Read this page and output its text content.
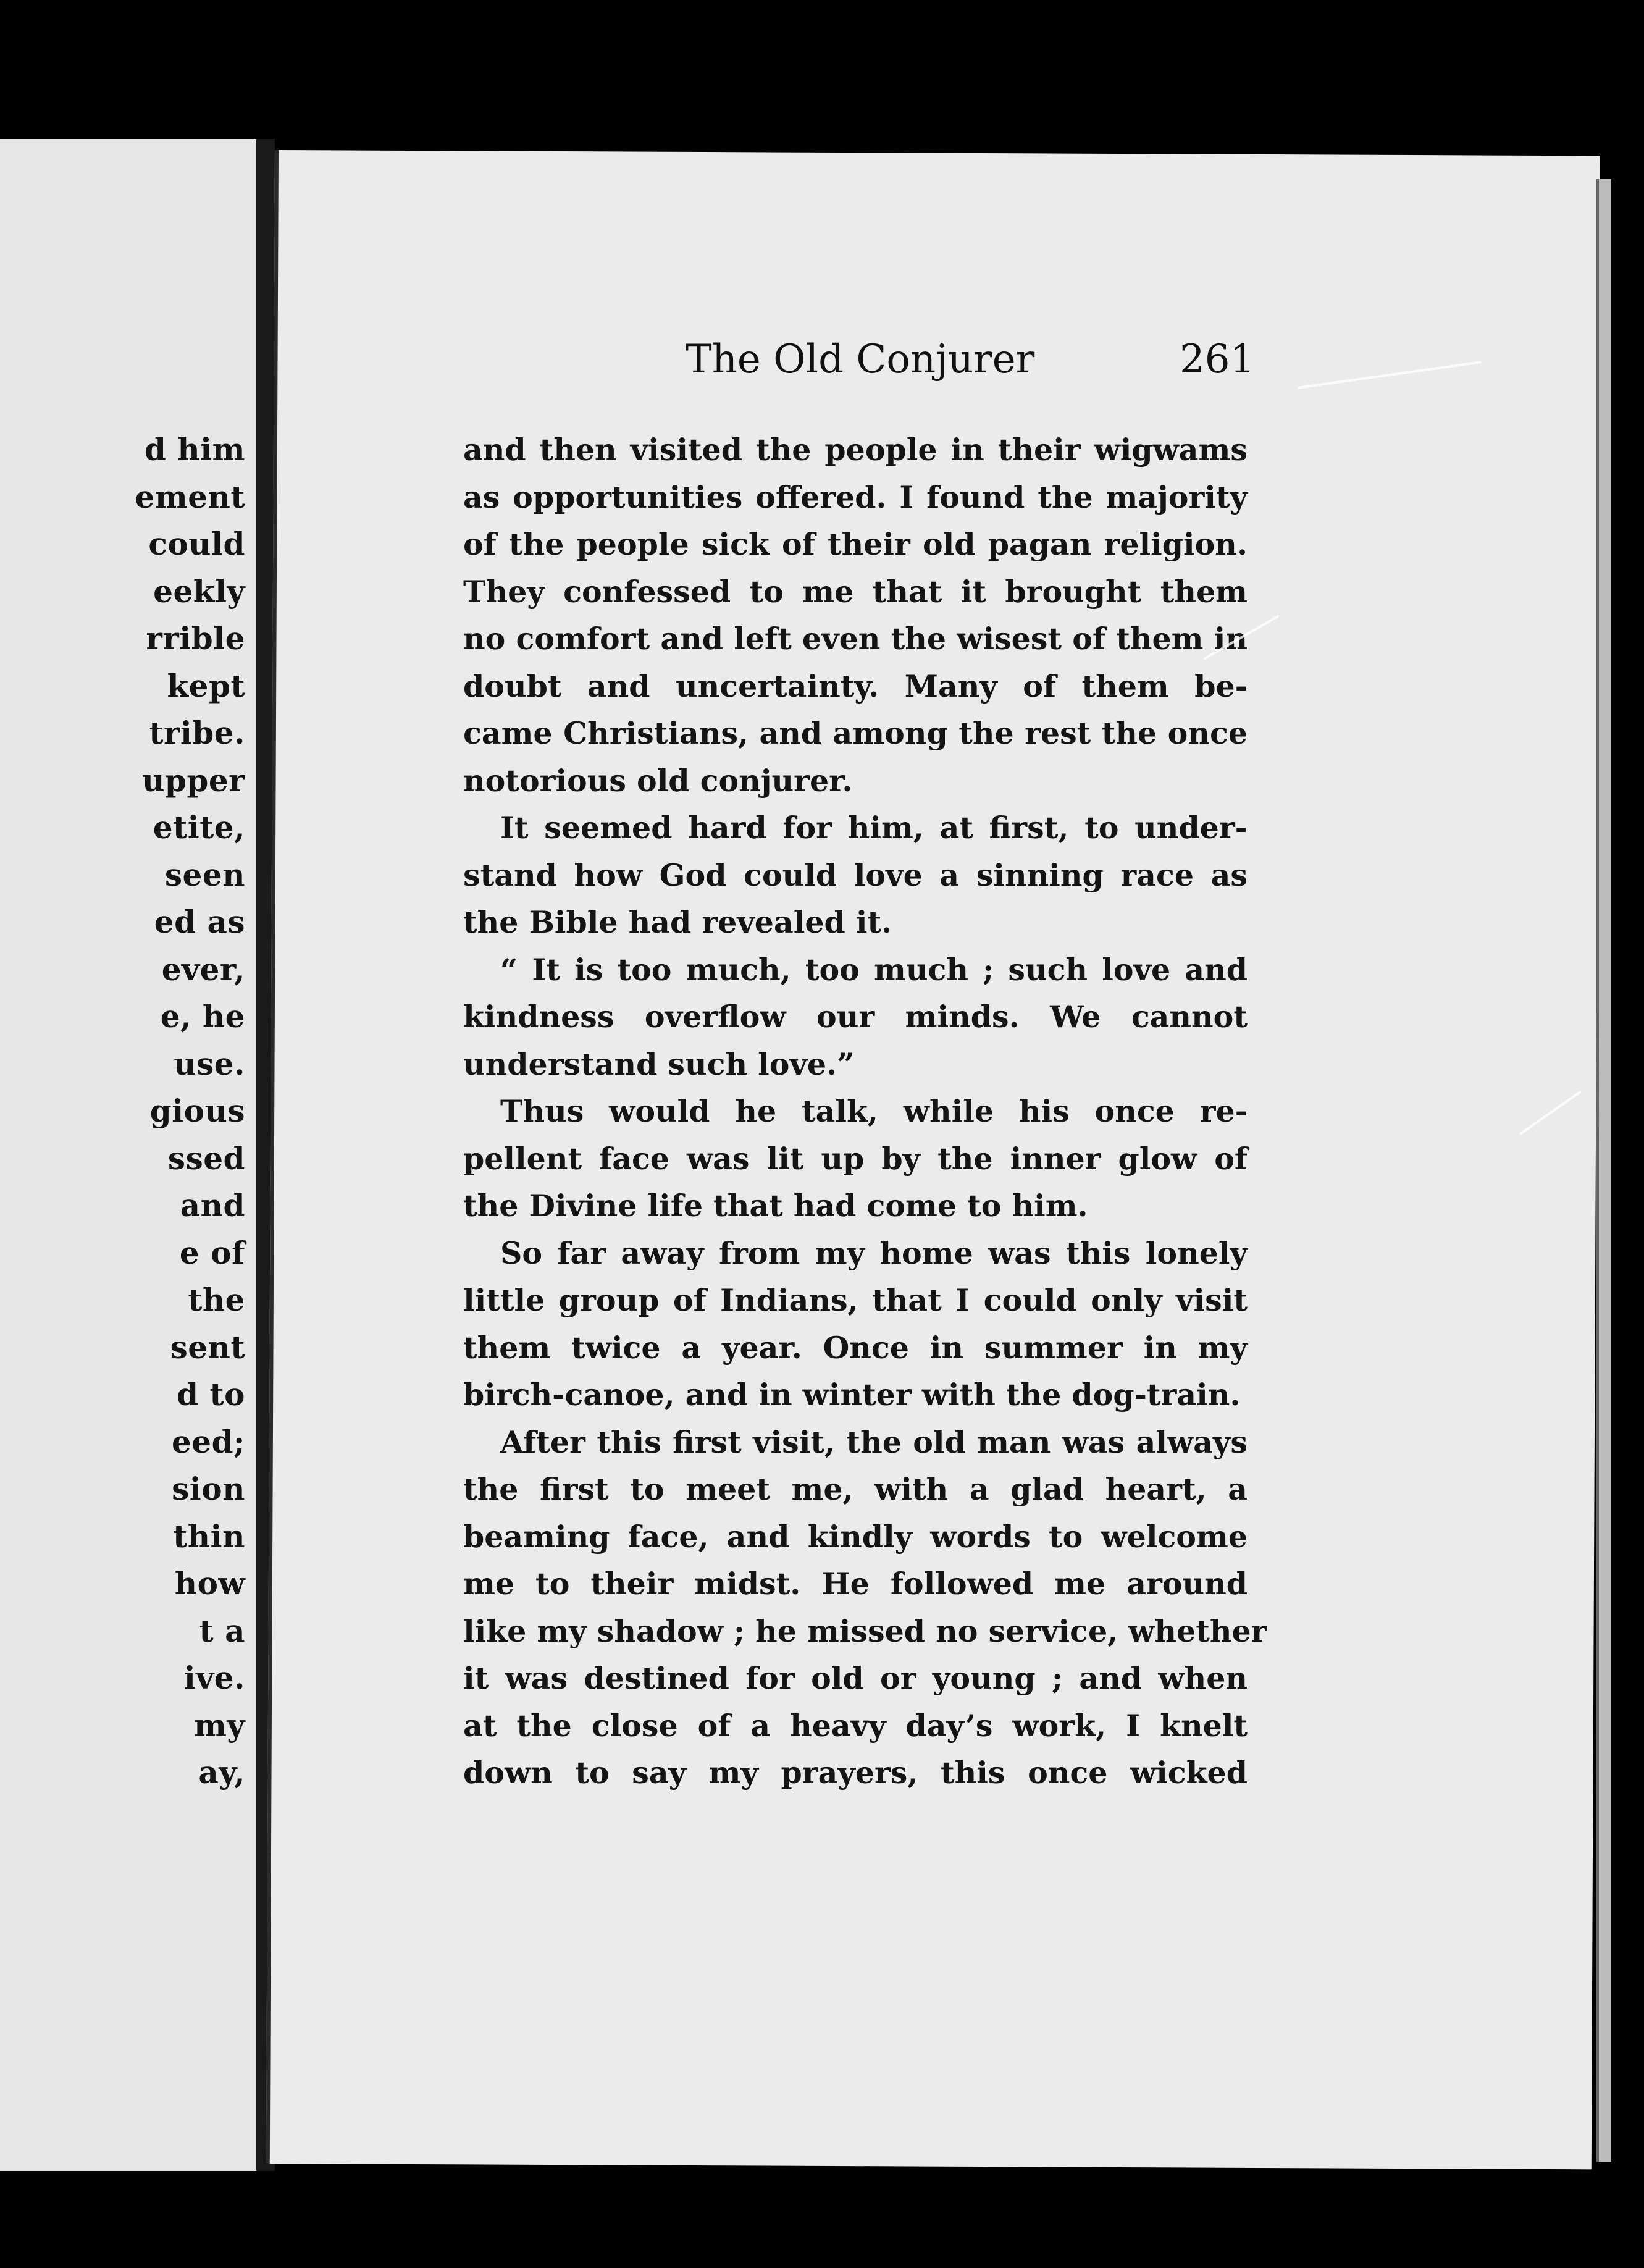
d him
ement
could
eekly
rrible
kept
tribe.
upper
etite,
seen
ed as
ever,
e, he
use.
gious
ssed
and
e of
the
sent
d to
eed;
sion
thin
how
t a
ive.
my
ay,
The Old Conjurer	261
and then visited the people in their wigwams
as opportunities offered. I found the majority
of the people sick of their old pagan religion.
They confessed to me that it brought them
no comfort and left even the wisest of them in
doubt and uncertainty. Many of them be-
came Christians, and among the rest the once
notorious old conjurer.
It seemed hard for him, at first, to under-
stand how God could love a sinning race as
the Bible had revealed it.
“ It is too much, too much ; such love and
kindness overflow our minds. We cannot
understand such love.”
Thus would he talk, while his once re-
pellent face was lit up by the inner glow of
the Divine life that had come to him.
So far away from my home was this lonely
little group of Indians, that I could only visit
them twice a year. Once in summer in my
birch-canoe, and in winter with the dog-train.
After this first visit, the old man was always
the first to meet me, with a glad heart, a
beaming face, and kindly words to welcome
me to their midst. He followed me around
like my shadow ; he missed no service, whether
it was destined for old or young ; and when
at the close of a heavy day’s work, I knelt
down to say my prayers, this once wicked
